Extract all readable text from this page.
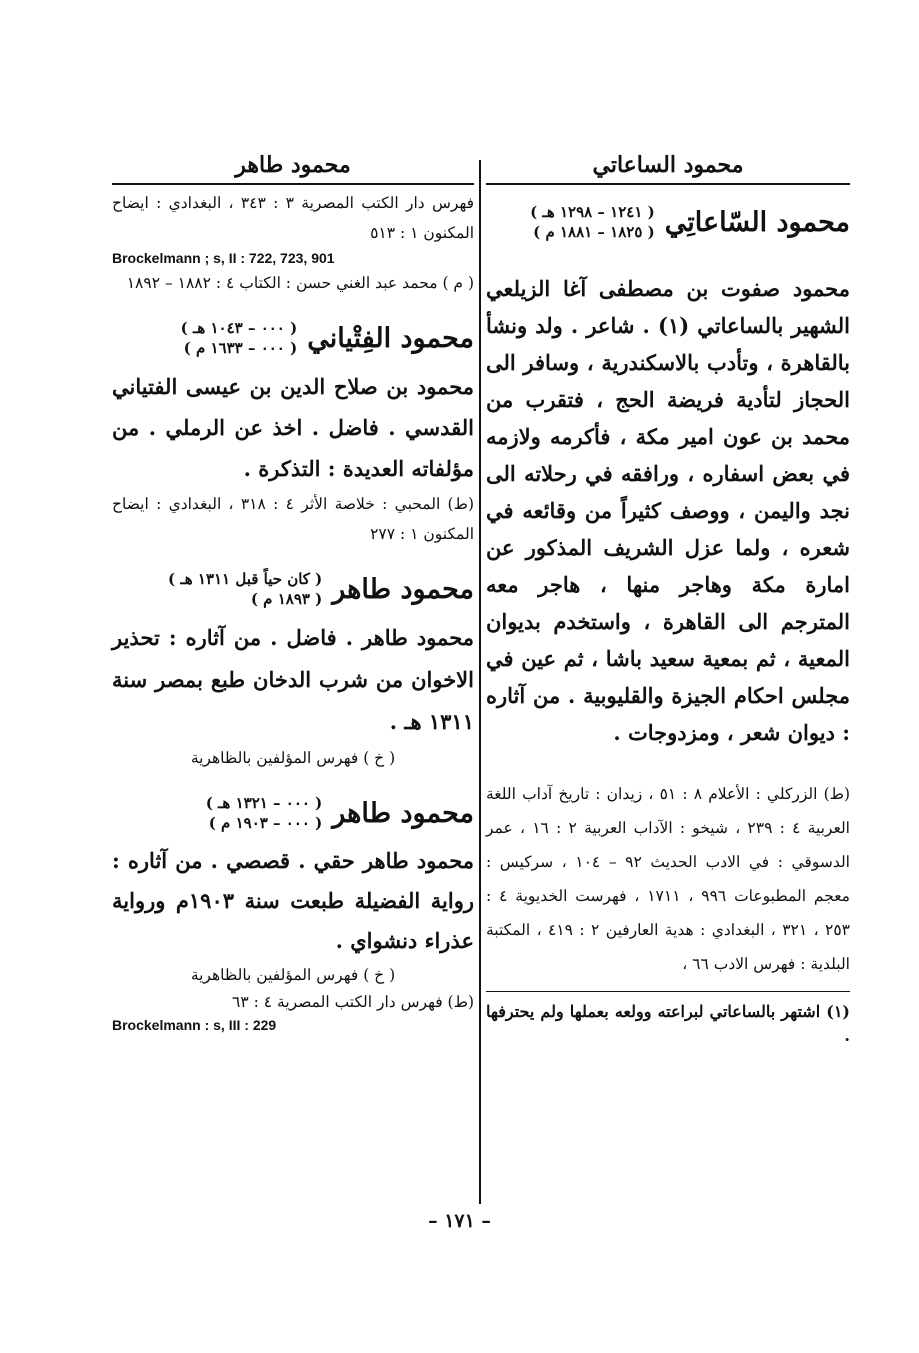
محمود الساعاتي
محمود السّاعاتِي
( ١٢٤١ – ١٢٩٨ هـ )
( ١٨٢٥ – ١٨٨١ م )

محمود صفوت بن مصطفى آغا الزيلعي الشهير بالساعاتي (١) . شاعر . ولد ونشأ بالقاهرة ، وتأدب بالاسكندرية ، وسافر الى الحجاز لتأدية فريضة الحج ، فتقرب من محمد بن عون امير مكة ، فأكرمه ولازمه في بعض اسفاره ، ورافقه في رحلاته الى نجد واليمن ، ووصف كثيراً من وقائعه في شعره ، ولما عزل الشريف المذكور عن امارة مكة وهاجر منها ، هاجر معه المترجم الى القاهرة ، واستخدم بديوان المعية ، ثم بمعية سعيد باشا ، ثم عين في مجلس احكام الجيزة والقليوبية . من آثاره : ديوان شعر ، ومزدوجات .

(ط) الزركلي : الأعلام ٨ : ٥١ ، زيدان : تاريخ آداب اللغة العربية ٤ : ٢٣٩ ، شيخو : الآداب العربية ٢ : ١٦ ، عمر الدسوقي : في الادب الحديث ٩٢ – ١٠٤ ، سركيس : معجم المطبوعات ٩٩٦ ، ١٧١١ ، فهرست الخديوية ٤ : ٢٥٣ ، ٣٢١ ، البغدادي : هدية العارفين ٢ : ٤١٩ ، المكتبة البلدية : فهرس الادب ٦٦ ،

(١) اشتهر بالساعاتي لبراعته وولعه بعملها ولم يحترفها .

محمود طاهر

فهرس دار الكتب المصرية ٣ : ٣٤٣ ، البغدادي : ايضاح المكنون ١ : ٥١٣

Brockelmann ; s, II : 722, 723, 901

( م ) محمد عبد الغني حسن : الكتاب ٤ : ١٨٨٢ – ١٨٩٢

محمود الفِتْياني
( ٠٠٠ – ١٠٤٣ هـ )
( ٠٠٠ – ١٦٣٣ م )

محمود بن صلاح الدين بن عيسى الفتياني القدسي . فاضل . اخذ عن الرملي . من مؤلفاته العديدة : التذكرة .

(ط) المحبي : خلاصة الأثر ٤ : ٣١٨ ، البغدادي : ايضاح المكنون ١ : ٢٧٧

محمود طاهر
( كان حياً قبل ١٣١١ هـ )
( ١٨٩٣ م )

محمود طاهر . فاضل . من آثاره : تحذير الاخوان من شرب الدخان طبع بمصر سنة ١٣١١ هـ .

( خ ) فهرس المؤلفين بالظاهرية

محمود طاهر
( ٠٠٠ – ١٣٢١ هـ )
( ٠٠٠ – ١٩٠٣ م )

محمود طاهر حقي . قصصي . من آثاره : رواية الفضيلة طبعت سنة ١٩٠٣م ورواية عذراء دنشواي .

( خ ) فهرس المؤلفين بالظاهرية

(ط) فهرس دار الكتب المصرية ٤ : ٦٣

Brockelmann : s, III : 229

– ١٧١ –
